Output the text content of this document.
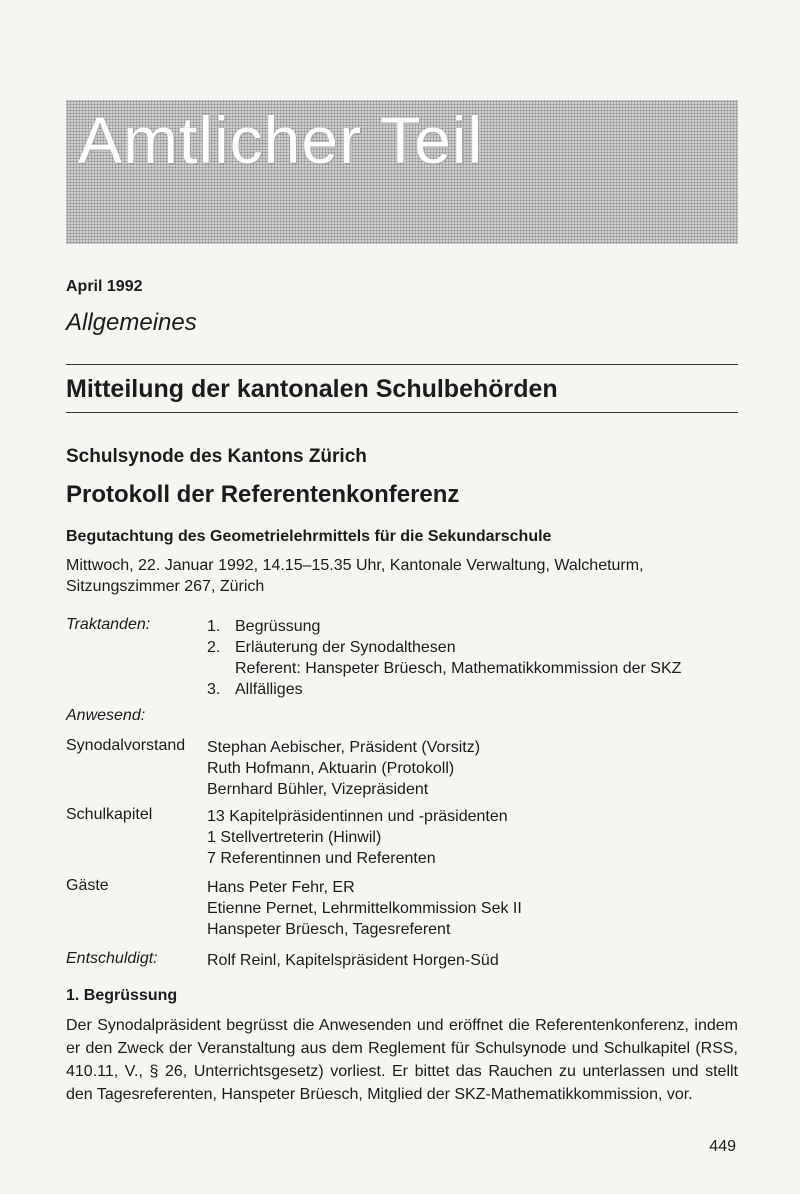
Amtlicher Teil
April 1992
Allgemeines
Mitteilung der kantonalen Schulbehörden
Schulsynode des Kantons Zürich
Protokoll der Referentenkonferenz
Begutachtung des Geometrielehrmittels für die Sekundarschule
Mittwoch, 22. Januar 1992, 14.15–15.35 Uhr, Kantonale Verwaltung, Walcheturm, Sitzungszimmer 267, Zürich
Traktanden:	1. Begrüssung
2. Erläuterung der Synodalthesen
Referent: Hanspeter Brüesch, Mathematikkommission der SKZ
3. Allfälliges
Anwesend:
Synodalvorstand Stephan Aebischer, Präsident (Vorsitz)
Ruth Hofmann, Aktuarin (Protokoll)
Bernhard Bühler, Vizepräsident
Schulkapitel	13 Kapitelpräsidentinnen und -präsidenten
1 Stellvertreterin (Hinwil)
7 Referentinnen und Referenten
Gäste	Hans Peter Fehr, ER
Etienne Pernet, Lehrmittelkommission Sek II
Hanspeter Brüesch, Tagesreferent
Entschuldigt:	Rolf Reinl, Kapitelspräsident Horgen-Süd
1. Begrüssung
Der Synodalpräsident begrüsst die Anwesenden und eröffnet die Referentenkonferenz, indem er den Zweck der Veranstaltung aus dem Reglement für Schulsynode und Schulkapitel (RSS, 410.11, V., § 26, Unterrichtsgesetz) vorliest. Er bittet das Rauchen zu unterlassen und stellt den Tagesreferenten, Hanspeter Brüesch, Mitglied der SKZ-Mathematikkommission, vor.
449
